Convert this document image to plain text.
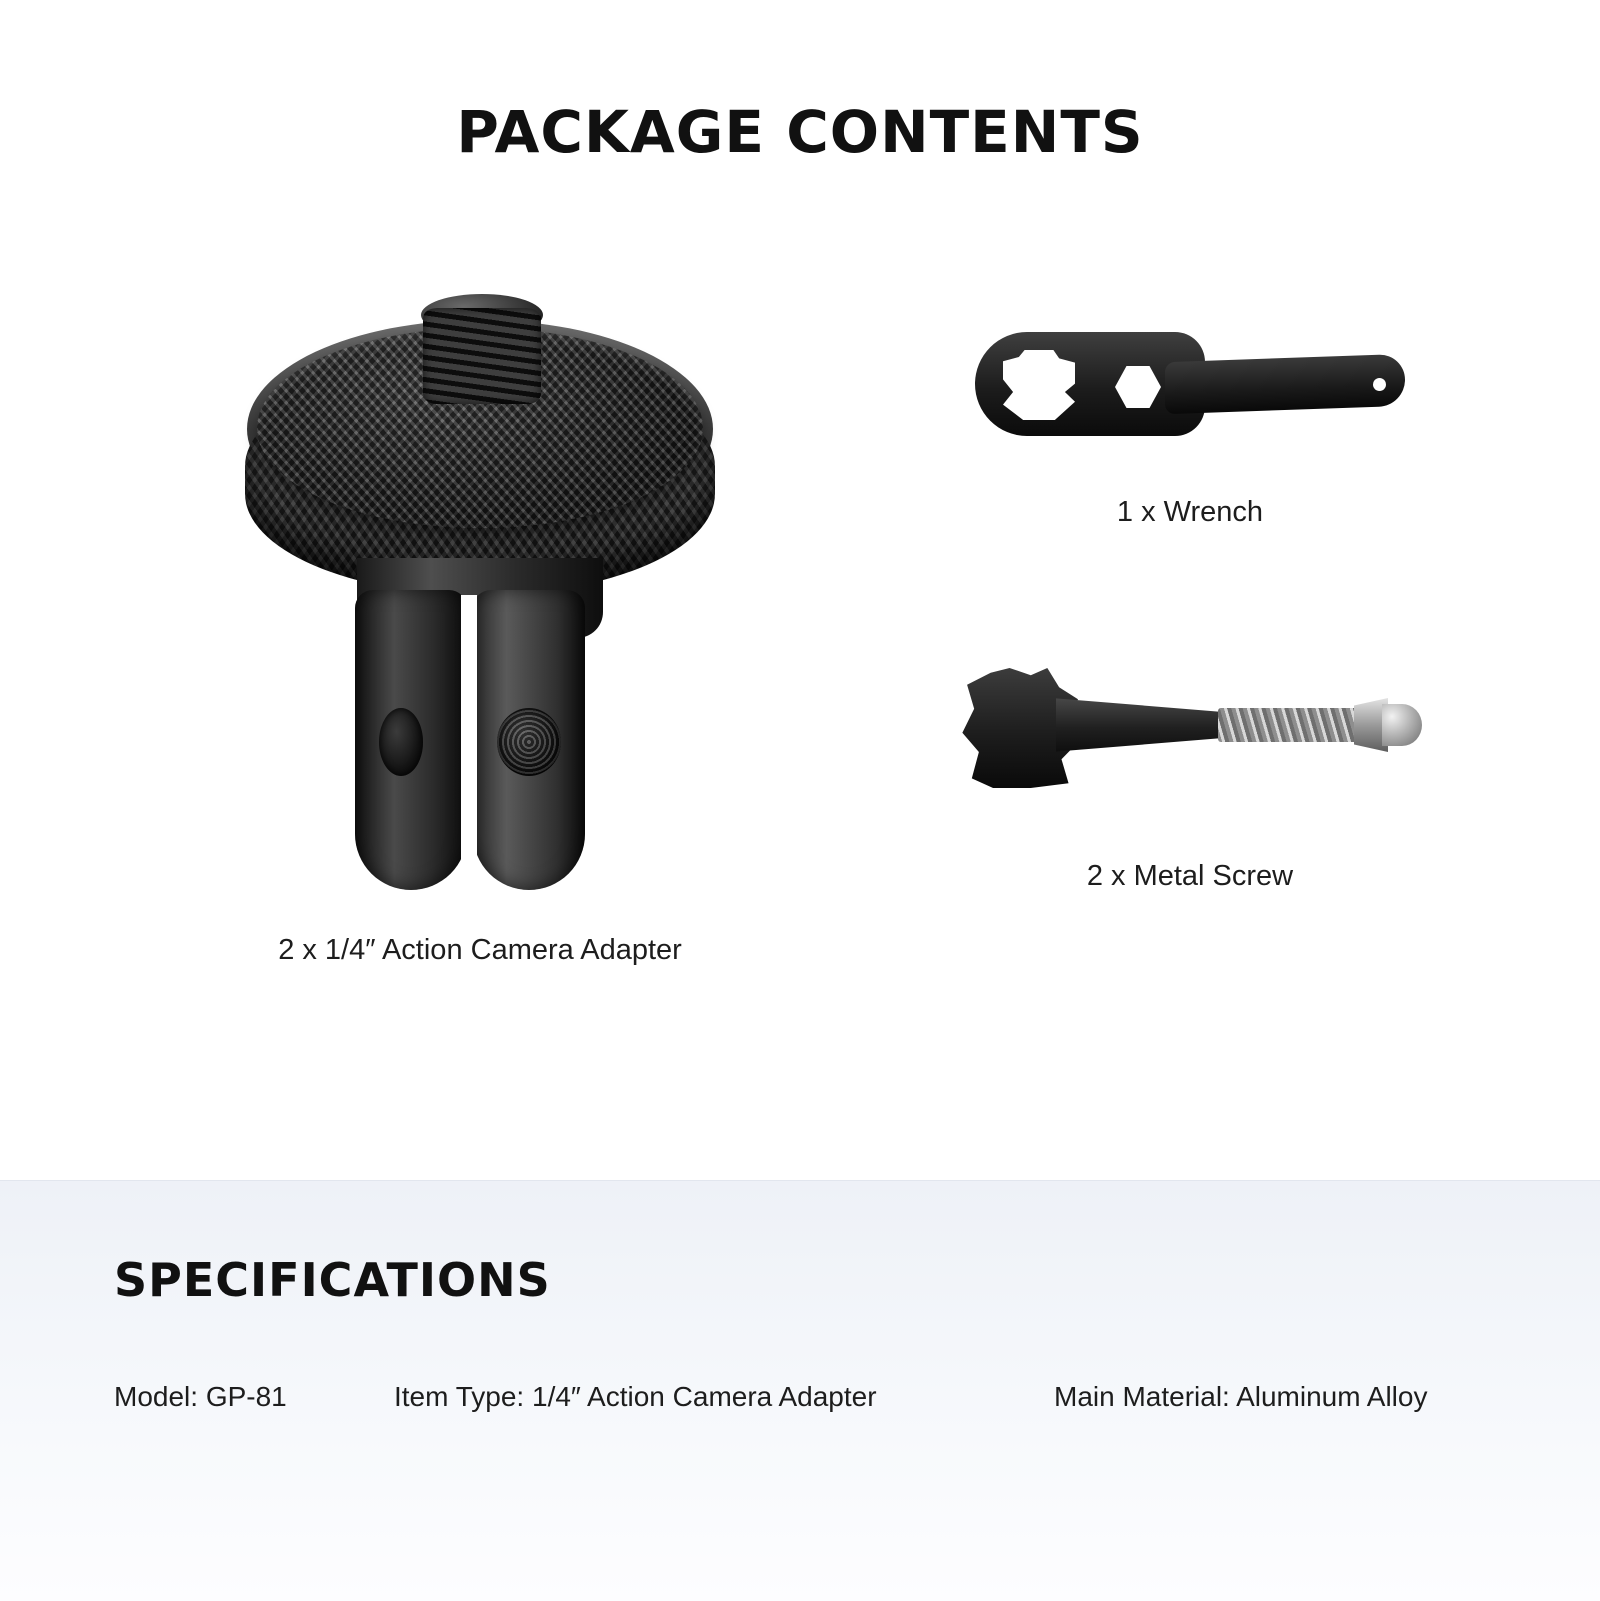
PACKAGE CONTENTS
2 x 1/4″ Action Camera Adapter
1 x Wrench
2 x Metal Screw
SPECIFICATIONS
Model: GP-81	Item Type: 1/4″ Action Camera Adapter	Main Material: Aluminum Alloy
